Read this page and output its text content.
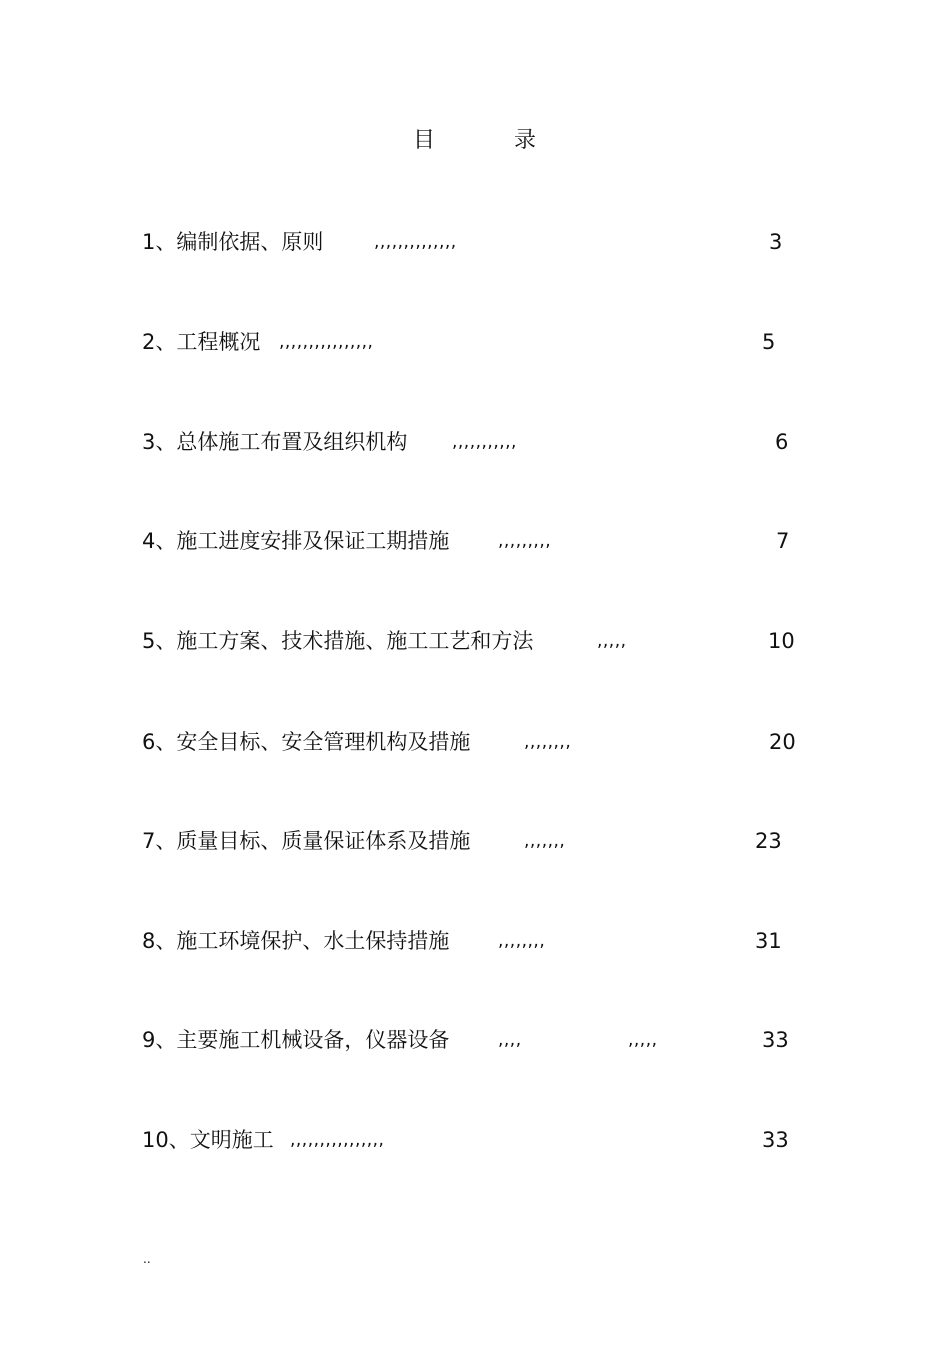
目	录
1、编制依据、原则	,,,,,,,,,,,,,,	3
2、工程概况 ,,,,,,,,,,,,,,,,	5
3、总体施工布置及组织机构	,,,,,,,,,,,	6
4、施工进度安排及保证工期措施	,,,,,,,,,	7
5、施工方案、技术措施、施工工艺和方法	,,,,,	10
6、安全目标、安全管理机构及措施	,,,,,,,,	20
7、质量目标、质量保证体系及措施	,,,,,,,	23
8、施工环境保护、水土保持措施	,,,,,,,,	31
9、主要施工机械设备，仪器设备	,,,,	,,,,,	33
10、文明施工 ,,,,,,,,,,,,,,,,	33
..
